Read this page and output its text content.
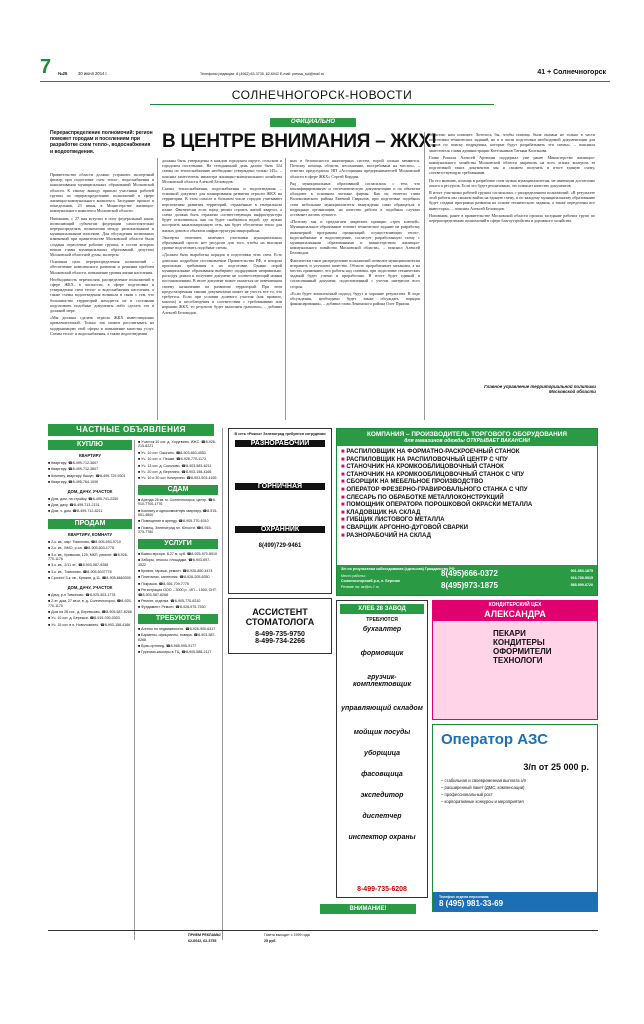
7 №25	30 июня 2014 г.	Телефоны редакции: 8 (4962) 63-3735, 62-6042 E-mail: pressa_sol@mail.ru	41 + Солнечногорск
СОЛНЕЧНОГОРСК-НОВОСТИ
ОФИЦИАЛЬНО
Перераспределение полномочий: регион поможет городам и поселениям при разработке схем тепло-, водоснабжения и водоотведения.	В ЦЕНТРЕ ВНИМАНИЯ – ЖКХ!

Правительство области должно устранить экспертный фильтр при подготовке схем тепло-, водоснабжения и канализования муниципальных образований Московской области. К такому выводу пришли участники рабочей группы по перераспределению полномочий в сфере жилищно-коммунального комплекса. Заседание прошло в понедельник, 23 июня, в Министерстве жилищно-коммунального комплекса Московской области.

Напомним, с 27 мая вступил в силу федеральный закон, позволяющий субъектам федерации самостоятельно перераспределять полномочия между региональными и муниципальными властями. Для обсуждения возможных изменений при правительстве Московской области были созданы отраслевые рабочие группы, в состав которых вошли главы муниципальных образований, депутаты Московской областной думы, эксперты.

Основная цель перераспределения полномочий – обеспечение комплексного развития и решения проблем Московской области, повышение уровня жизни населения.

Необходимость перечислять распределение полномочий в сфере ЖКХ, в частности, в сфере подготовки и утверждения схем тепло- и водоснабжения населения, а также схемы водоотведения возникла в связи с тем, что большинство территорий находится не в состоянии подготовить подобные документы либо сделать это в должной мере.

«Мы должны сделать отрасль ЖКХ инвестиционно привлекательной. Только так можем рассчитывать на модернизацию этой сферы и повышение качества услуг. Схемы тепло- и водоснабжения, а также водоотведения

должны быть утверждены в каждом городском округе, сельском и городском поселениях. На сегодняшний день далеко быть 324 схемы по теплоснабжению необходимо утверждено только 145», – пояснил заместитель министра жилищно-коммунального хозяйства Московской области Алексей Беловодов.

Схемы теплоснабжения, водоснабжения и водоотведения – основной документ для планирования развития отрасли ЖКХ на территории. В этом смысле в большом числе городов учитывают перспективы развития территорий, отражённые в генеральном плане. Фактически если город решил строить жилой квартал, а схема должна быть отражена соответствующая инфраструктура будет отапливаться, как он будет снабжаться водой, где нужно построить канализационную сеть, как будет обеспечено тепло для жилых домов и объектов инфраструктуры микрорайона.

Эксперты отмечают, замечают участники муниципальных образований просто нет ресурсов для того, чтобы на высоком уровне подготовить подобные схемы.

«Должен быть выработан порядок и подготовки этих схем. Есть довольно подробное постановление Правительства РФ, в котором прописаны требования к их подготовке. Однако порой муниципальные образования выбирают подрядчиков неправильно, расходуя деньги и получают документ не соответствующий новым постановлениям. В итоге документ может оказаться не отвечающим своему назначению по развитию территорий. При этом предусмотренная такими документами может не учесть все то, что требуется. Если при условии долевого участия (как правило, многих) и несоблюдения в соответствии с требованиями или нормами ЖКХ, то результат будет выполнен грамотно», – добавил Алексей Беловодов.

ных и безопасности инженерных систем, порой сильно меняются. Поэтому помощь области, несомненно, востребована на местах», – отметил председатель НП «Ассоциация предпринимателей Московской области в сфере ЖКХ» Сергей Кирдин.

Ряд муниципальных образований согласились с тем, что квалифицированную и систематическую документацию и по объектам обладают в основном частные фирмы. Как он отметил глава Волоколамского района Евгений Гаврилов, при подготовке подобных схем небольшие муниципалитеты вынуждены сами обращаться в подрядные организации, но качество работы в подобных случаях оставляет желать лучшего.

«Поэтому мы и предлагаем закрепить принцип «трех ключей». Муниципальное образование готовит техническое задание на разработку инженерной программы организаций, осуществляющих тепло-, водоснабжение и водоотведение, согласует разработанную схему с муниципальными образованиями и министерством жилищно-коммунального хозяйства Московской области», – пояснил Алексей Беловодов.

Фактически такое распределение полномочий позволит муниципалитетам исправить и улучшить качество. Область прорабатывает механизм, а на местах применяют, что работы над схемами, при подготовке технических заданий будет учтено и проработано. В итоге будет единый и согласованный документ, подготовленный с учетом интересов всех сторон.

«Если будет комплексный подход, будут и хорошие результаты. В ходе обсуждения, необходимо будет также обсуждать порядок финансирования», – добавил глава Ленинского района Олег Пряхин.

областью нам поможет. Хотелось бы, чтобы помощь была оказана не только в части подготовки технических заданий, но и в части подготовки необходимой документации для торгов по поиску подрядчика, которые будут разрабатывать эти схемы», – пояснила заместитель главы администрации Котельников Татьяна Колганова.

Глава Рошаля Алексей Артюхин поддержал уже ранее Министерство жилищно-коммунального хозяйства Московской области закрепить на всех этапах контроль за подготовкой таких документов мы и сможем получить в итоге единую схему, соответствующую требованиям.

По его мнению, помощь в разработке схем нужна муниципалитетам, не имеющим достаточно опыта и ресурсов. Если это будет реализовано, это повысит качество документов.

В итоге участники рабочей группы согласились с распределением полномочий. «В результате этой работы мы сможем выйти на единую схему, и по каждому муниципальному образованию будет создана программа развития на основе технического задания, а также определены все инвесторы», – пояснил Алексей Беловодов.

Напомним, ранее в правительстве Московской области прошло заседание рабочих групп по перераспределению полномочий в сфере благоустройства и дорожного хозяйства.

Главное управление территориальной политики Московской области
ЧАСТНЫЕ ОБЪЯВЛЕНИЯ
КУПЛЮ
КВАРТИРУ
■ Квартиру. ☎8-499-712-3607
■ Квартиру. ☎8-499-712-3607
■ Комнату, квартиру. Выкуп. ☎8-499-729-9301
■ Квартиру. ☎8-495-764-1006
ДОМ, ДАЧУ, УЧАСТОК
■ Дом, дом, на стройку. ☎8-495-741-2250
■ Дом, дачу. ☎8-499-713-2131
■ Дом, ч. дом. ☎8-499-712-8211
ПРОДАМ
КВАРТИРУ, КОМНАТУ
■ 2-к. кв., мкр. Тимоново. ☎8-905-593-9710
■ 2-к. кв., ВМО, р-он. ☎8-905-503-1778
■ 3-к. кв., Кривская, 125, МКП, ремонт. ☎8-926-770-1176
■ 3-к. кв., 2/11 эт., ☎8-903-587-9268
■ 3-к. кв., Тимоново. ☎8-905-5037778
■ Срочно! 3-к. кв., Крюков, д.11. ☎8-905-6663000
ДОМ, ДАЧУ, УЧАСТОК
■ Дачу, р-н Тимоново. ☎8-925-503-1778
■ 2-эт. дом, 27 кв.м, в. д. Солнечногорск. ☎8-925-770-1170
■ Дом на 26 сот., д. Берлюково. ☎8-905-587-8268
■ Уч. 10 сот. д. Бережки. ☎8-915-030-0303
■ Уч. 15 сот. в п. Новолокнино. ☎8-903-158-4166
■ Участок 10 сот. д. Хоругвино, ИЖС. ☎8-926-215-8221
■ Уч. 10 сот. Ожогино. ☎8-903-663-4553
■ Уч. 10 сот. с. Пешки. ☎8-926-770-1173
■ Уч. 13 сот. д. Соколово. ☎8-903-583-6211
■ Уч. 20 сот. д. Вертлино. ☎8-903-158-4166
■ Уч. 10 и 30 сот. Кочергино. ☎8-903-503-4165
СДАМ
■ Аренда 28 кв. м. Солнечногорск, центр. ☎8-910-7700-1776
■ Комнату и однокомнатную квартиру. ☎8-915-551-9800
■ Помещение в аренду. ☎8-905-770-6310
■ Помещ. Зеленоград пл. Юности. ☎8-915-375-7780
УСЛУГИ
■ Вывоз мусора. 8-27 м. куб. ☎8-925-970-8910
■ Заборы, откосы, площадки. ☎8-903-697-3522
■ Кровля, гаражи, ремонт. ☎8-926-850-4474
■ Плиточник, сантехник. ☎8-926-205-8350
■ Покраска. ☎8-926-709-7775
■ Регистрация ООО – 3000 р., ИП – 1500, СНТ. ☎8-903-587-8268
■ Ремонт, отделка. ☎8-905-770-6310
■ Фундамент. Ремонт. ☎8-926-975-7530
ТРЕБУЮТСЯ
■ Агенты по недвижимости. ☎8-926-900-6317
■ Бармены, официанты, повара. ☎8-903-587-8268
■ Врач-ортопед. ☎8-985-995-9177
■ Грузчики-кассиры в ТЦ. ☎8-905-588-2117
В сеть «Роксы» Зеленоград требуются сотрудники
РАЗНОРАБОЧИЙ
ГОРНИЧНАЯ
ОХРАННИК
8(499)729-9461
АССИСТЕНТ СТОМАТОЛОГА
8-499-735-9750
8-499-734-2266
ВНИМАНИЕ!
КОМПАНИЯ – ПРОИЗВОДИТЕЛЬ ТОРГОВОГО ОБОРУДОВАНИЯ
для магазинов одежды ОТКРЫВАЕТ ВАКАНСИИ
■ РАСПИЛОВЩИК НА ФОРМАТНО-РАСКРОЕЧНЫЙ СТАНОК
■ РАСПИЛОВЩИК НА РАСПИЛОВОЧНЫЙ ЦЕНТР С ЧПУ
■ СТАНОЧНИК НА КРОМКООБЛИЦОВОЧНЫЙ СТАНОК
■ СТАНОЧНИК НА КРОМКООБЛИЦОВОЧНЫЙ СТАНОК С ЧПУ
■ СБОРЩИК НА МЕБЕЛЬНОЕ ПРОИЗВОДСТВО
■ ОПЕРАТОР ФРЕЗЕРНО-ГРАВИРОВАЛЬНОГО СТАНКА С ЧПУ
■ СЛЕСАРЬ ПО ОБРАБОТКЕ МЕТАЛЛОКОНСТРУКЦИЙ
■ ПОМОЩНИК ОПЕРАТОРА ПОРОШКОВОЙ ОКРАСКИ МЕТАЛЛА
■ КЛАДОВЩИК НА СКЛАД
■ ГИБЩИК ЛИСТОВОГО МЕТАЛЛА
■ СВАРЩИК АРГОННО-ДУГОВОЙ СВАРКИ
■ РАЗНОРАБОЧИЙ НА СКЛАД
З/п по результатам собеседования (сдельная) Гражданство РФ
Место работы:
Солнечногорский р-н, п. Березки
Резюме на: ae@m-7.ru
8(495)666-0372
8(495)973-1875
901-553-1875
916-785-9915
985-999-6720
ХЛЕБ 28 ЗАВОД
ТРЕБУЮТСЯ
бухгалтер
формовщик
грузчик-комплектовщик
управляющий складом
мойщик посуды
уборщица
фасовщица
экспедитор
диспетчер
инспектор охраны
8-499-735-6208
КОНДИТЕРСКИЙ ЦЕХ
АЛЕКСАНДРА
ПЕКАРИ
КОНДИТЕРЫ
ОФОРМИТЕЛИ
ТЕХНОЛОГИ
Оператор АЗС
3/п от 25 000 р.
– стабильная и своевременная выплата з/п
– расширенный пакет (ДМС, компенсации)
– профессиональный рост
– корпоративные конкурсы и мероприятия
Телефон отдела персонала:
8 (495) 981-33-69
ПРИЕМ РЕКЛАМЫ
62-6042, 62-3755
Газета выходит с 1999 года
25 руб.
